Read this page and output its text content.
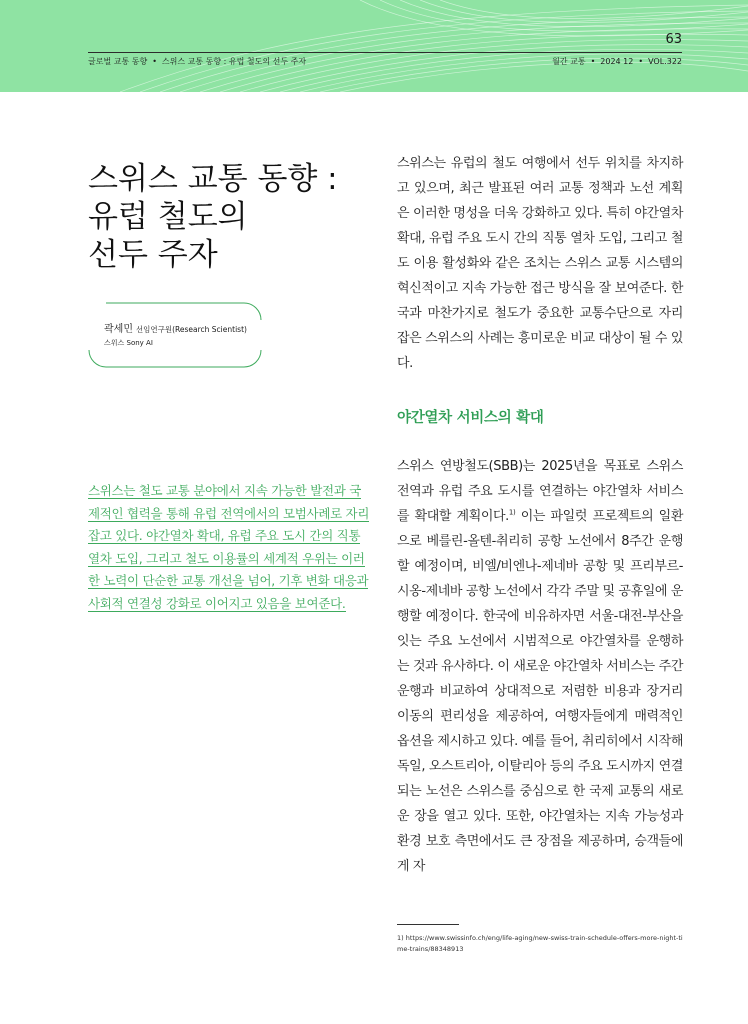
63
글로벌 교통 동향 • 스위스 교통 동향 : 유럽 철도의 선두 주자	월간 교통 • 2024 12 • VOL.322
스위스 교통 동향 :
유럽 철도의
선두 주자
곽세민 선임연구원(Research Scientist)
스위스 Sony AI
스위스는 철도 교통 분야에서 지속 가능한 발전과 국제적인 협력을 통해 유럽 전역에서의 모범사례로 자리 잡고 있다. 야간열차 확대, 유럽 주요 도시 간의 직통 열차 도입, 그리고 철도 이용률의 세계적 우위는 이러한 노력이 단순한 교통 개선을 넘어, 기후 변화 대응과 사회적 연결성 강화로 이어지고 있음을 보여준다.

스위스는 유럽의 철도 여행에서 선두 위치를 차지하고 있으며, 최근 발표된 여러 교통 정책과 노선 계획은 이러한 명성을 더욱 강화하고 있다. 특히 야간열차 확대, 유럽 주요 도시 간의 직통 열차 도입, 그리고 철도 이용 활성화와 같은 조치는 스위스 교통 시스템의 혁신적이고 지속 가능한 접근 방식을 잘 보여준다. 한국과 마찬가지로 철도가 중요한 교통수단으로 자리 잡은 스위스의 사례는 흥미로운 비교 대상이 될 수 있다.

야간열차 서비스의 확대

스위스 연방철도(SBB)는 2025년을 목표로 스위스 전역과 유럽 주요 도시를 연결하는 야간열차 서비스를 확대할 계획이다.$^{1)}$ 이는 파일럿 프로젝트의 일환으로 베를린-올텐-취리히 공항 노선에서 8주간 운행할 예정이며, 비엘/비엔나-제네바 공항 및 프리부르-시옹-제네바 공항 노선에서 각각 주말 및 공휴일에 운행할 예정이다. 한국에 비유하자면 서울-대전-부산을 잇는 주요 노선에서 시범적으로 야간열차를 운행하는 것과 유사하다. 이 새로운 야간열차 서비스는 주간 운행과 비교하여 상대적으로 저렴한 비용과 장거리 이동의 편리성을 제공하여, 여행자들에게 매력적인 옵션을 제시하고 있다. 예를 들어, 취리히에서 시작해 독일, 오스트리아, 이탈리아 등의 주요 도시까지 연결되는 노선은 스위스를 중심으로 한 국제 교통의 새로운 장을 열고 있다. 또한, 야간열차는 지속 가능성과 환경 보호 측면에서도 큰 장점을 제공하며, 승객들에게 자

1) https://www.swissinfo.ch/eng/life-aging/new-swiss-train-schedule-offers-more-night-time-trains/88348913
